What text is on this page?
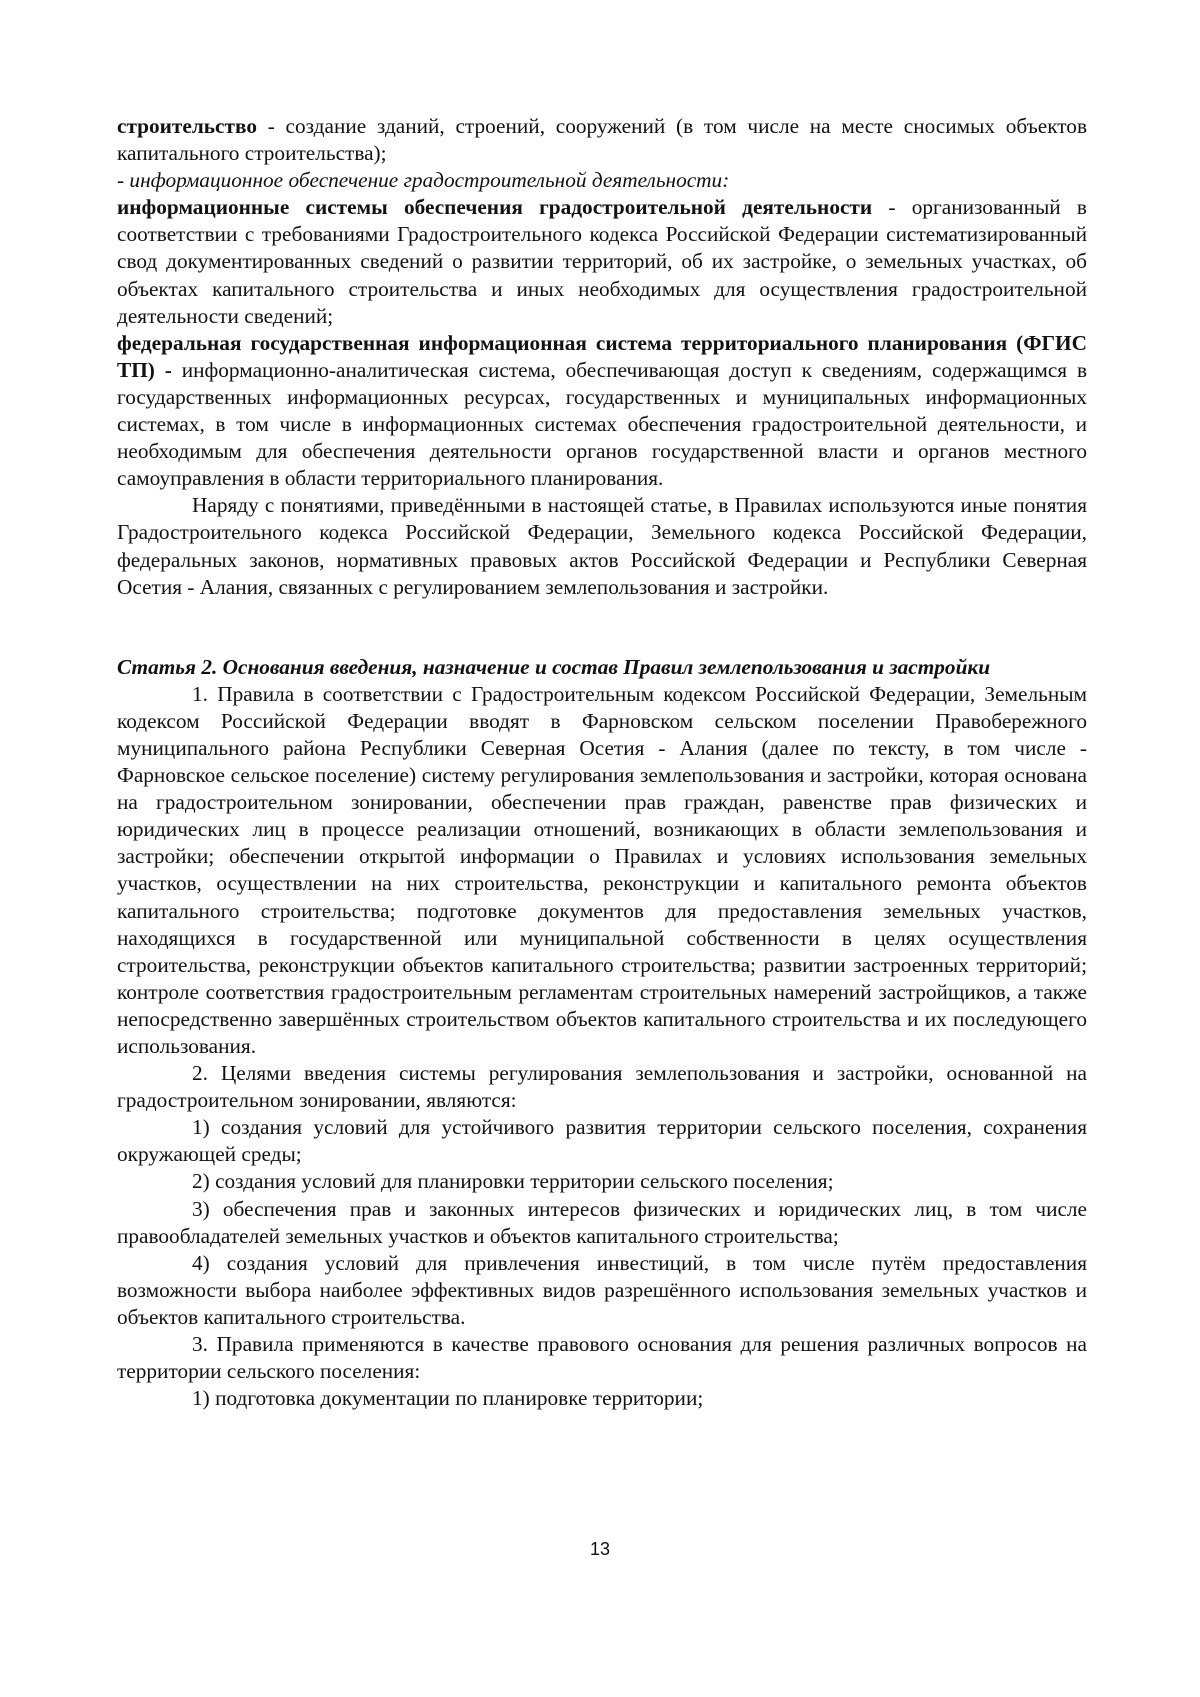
строительство - создание зданий, строений, сооружений (в том числе на месте сносимых объектов капитального строительства);

- информационное обеспечение градостроительной деятельности:

информационные системы обеспечения градостроительной деятельности - организованный в соответствии с требованиями Градостроительного кодекса Российской Федерации систематизированный свод документированных сведений о развитии территорий, об их застройке, о земельных участках, об объектах капитального строительства и иных необходимых для осуществления градостроительной деятельности сведений;

федеральная государственная информационная система территориального планирования (ФГИС ТП) - информационно-аналитическая система, обеспечивающая доступ к сведениям, содержащимся в государственных информационных ресурсах, государственных и муниципальных информационных системах, в том числе в информационных системах обеспечения градостроительной деятельности, и необходимым для обеспечения деятельности органов государственной власти и органов местного самоуправления в области территориального планирования.

Наряду с понятиями, приведёнными в настоящей статье, в Правилах используются иные понятия Градостроительного кодекса Российской Федерации, Земельного кодекса Российской Федерации, федеральных законов, нормативных правовых актов Российской Федерации и Республики Северная Осетия - Алания, связанных с регулированием землепользования и застройки.

Статья 2. Основания введения, назначение и состав Правил землепользования и застройки

1. Правила в соответствии с Градостроительным кодексом Российской Федерации, Земельным кодексом Российской Федерации вводят в Фарновском сельском поселении Правобережного муниципального района Республики Северная Осетия - Алания (далее по тексту, в том числе - Фарновское сельское поселение) систему регулирования землепользования и застройки, которая основана на градостроительном зонировании, обеспечении прав граждан, равенстве прав физических и юридических лиц в процессе реализации отношений, возникающих в области землепользования и застройки; обеспечении открытой информации о Правилах и условиях использования земельных участков, осуществлении на них строительства, реконструкции и капитального ремонта объектов капитального строительства; подготовке документов для предоставления земельных участков, находящихся в государственной или муниципальной собственности в целях осуществления строительства, реконструкции объектов капитального строительства; развитии застроенных территорий; контроле соответствия градостроительным регламентам строительных намерений застройщиков, а также непосредственно завершённых строительством объектов капитального строительства и их последующего использования.

2. Целями введения системы регулирования землепользования и застройки, основанной на градостроительном зонировании, являются:

1) создания условий для устойчивого развития территории сельского поселения, сохранения окружающей среды;

2) создания условий для планировки территории сельского поселения;

3) обеспечения прав и законных интересов физических и юридических лиц, в том числе правообладателей земельных участков и объектов капитального строительства;

4) создания условий для привлечения инвестиций, в том числе путём предоставления возможности выбора наиболее эффективных видов разрешённого использования земельных участков и объектов капитального строительства.

3. Правила применяются в качестве правового основания для решения различных вопросов на территории сельского поселения:

1) подготовка документации по планировке территории;

13
